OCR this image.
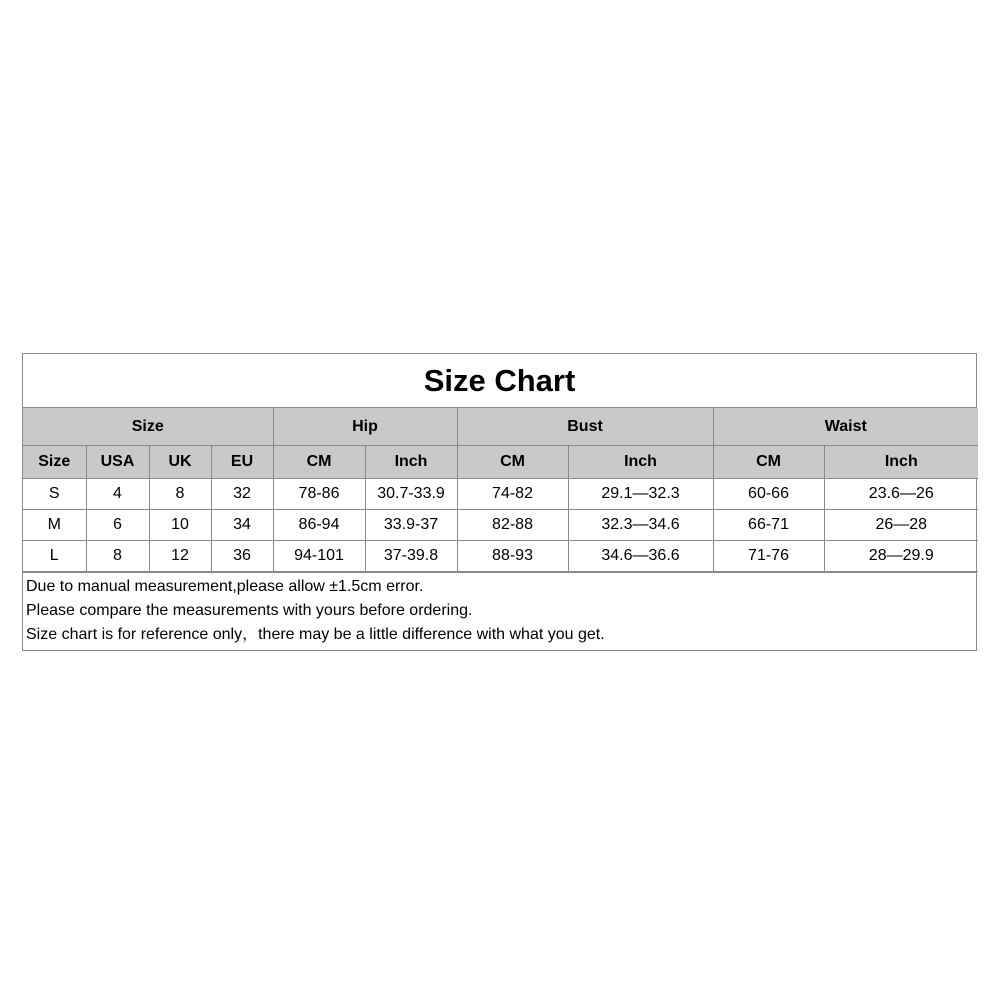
Size Chart
Size				Hip		Bust		Waist	
Size	USA	UK	EU	CM	Inch	CM	Inch	CM	Inch
S	4	8	32	78-86	30.7-33.9	74-82	29.1—32.3	60-66	23.6—26
M	6	10	34	86-94	33.9-37	82-88	32.3—34.6	66-71	26—28
L	8	12	36	94-101	37-39.8	88-93	34.6—36.6	71-76	28—29.9
Due to manual measurement,please allow ±1.5cm error.
Please compare the measurements with yours before ordering.
Size chart is for reference only，there may be a little difference with what you get.
